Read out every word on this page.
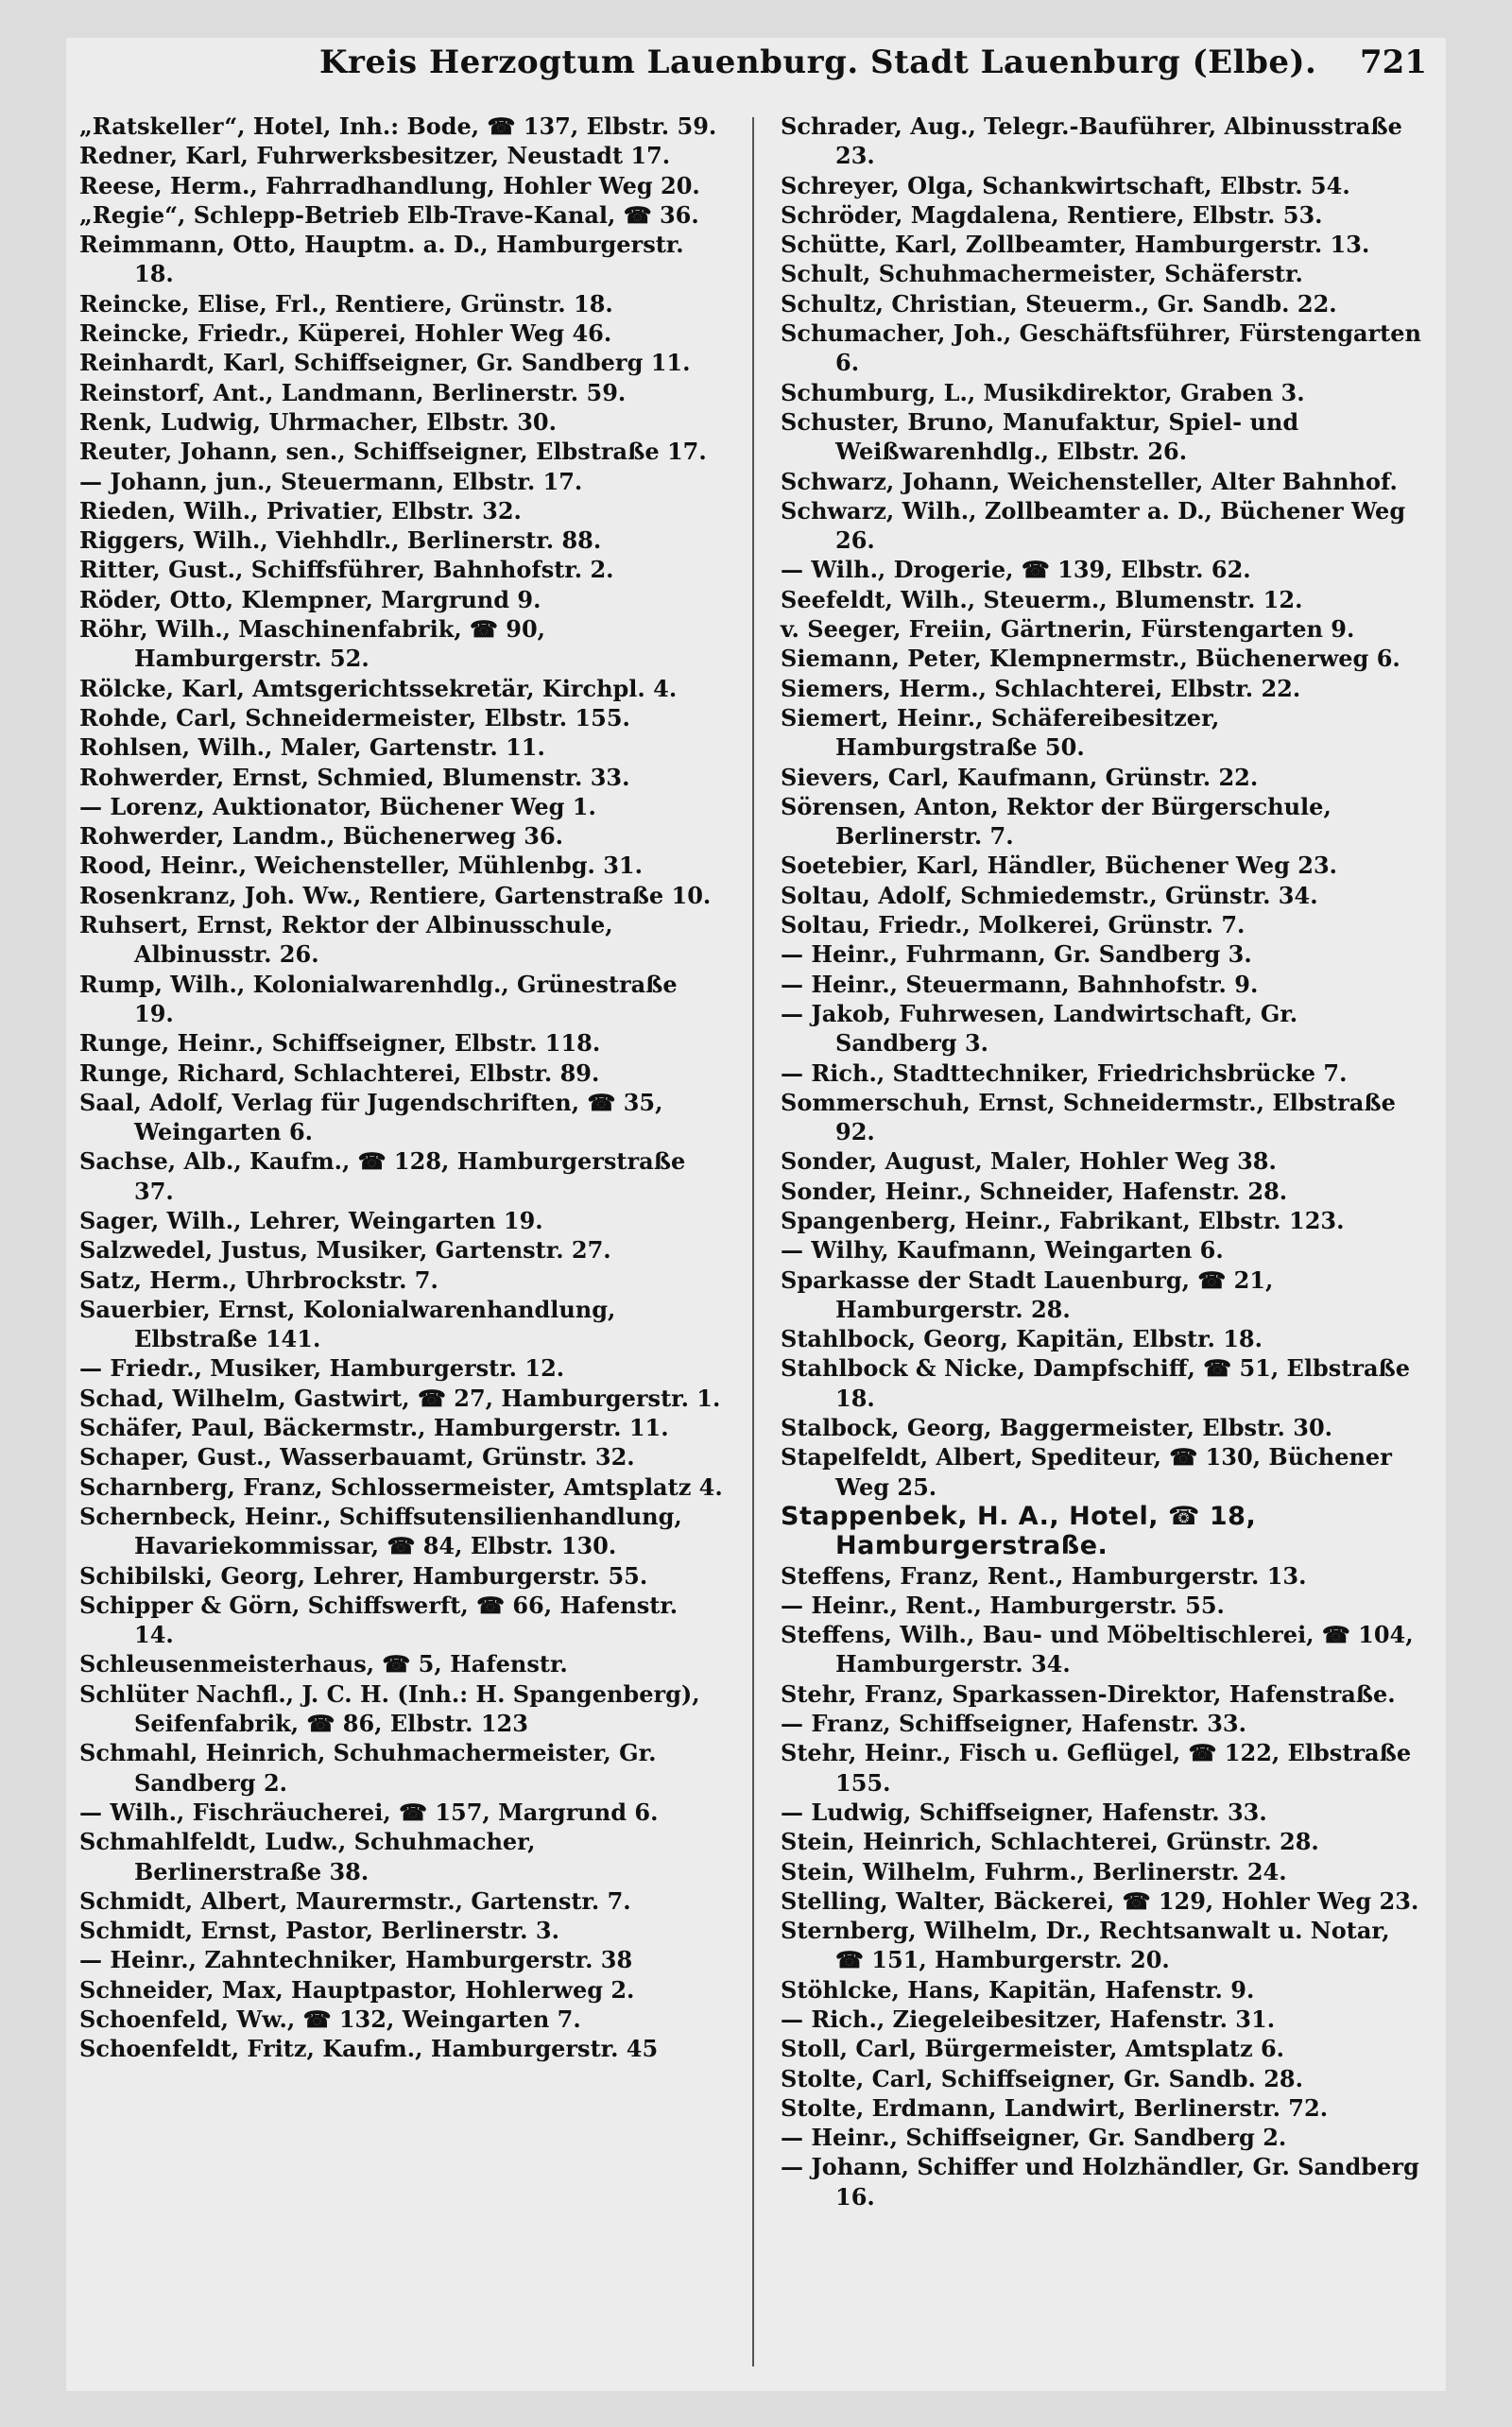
Kreis Herzogtum Lauenburg. Stadt Lauenburg (Elbe). 721
„Ratskeller“, Hotel, Inh.: Bode, ☎ 137, Elbstr. 59.
Redner, Karl, Fuhrwerksbesitzer, Neustadt 17.
Reese, Herm., Fahrradhandlung, Hohler Weg 20.
„Regie“, Schlepp-Betrieb Elb-Trave-Kanal, ☎ 36.
Reimmann, Otto, Hauptm. a. D., Hamburgerstr. 18.
Reincke, Elise, Frl., Rentiere, Grünstr. 18.
Reincke, Friedr., Küperei, Hohler Weg 46.
Reinhardt, Karl, Schiffseigner, Gr. Sandberg 11.
Reinstorf, Ant., Landmann, Berlinerstr. 59.
Renk, Ludwig, Uhrmacher, Elbstr. 30.
Reuter, Johann, sen., Schiffseigner, Elbstraße 17.
— Johann, jun., Steuermann, Elbstr. 17.
Rieden, Wilh., Privatier, Elbstr. 32.
Riggers, Wilh., Viehhdlr., Berlinerstr. 88.
Ritter, Gust., Schiffsführer, Bahnhofstr. 2.
Röder, Otto, Klempner, Margrund 9.
Röhr, Wilh., Maschinenfabrik, ☎ 90, Hamburgerstr. 52.
Rölcke, Karl, Amtsgerichtssekretär, Kirchpl. 4.
Rohde, Carl, Schneidermeister, Elbstr. 155.
Rohlsen, Wilh., Maler, Gartenstr. 11.
Rohwerder, Ernst, Schmied, Blumenstr. 33.
— Lorenz, Auktionator, Büchener Weg 1.
Rohwerder, Landm., Büchenerweg 36.
Rood, Heinr., Weichensteller, Mühlenbg. 31.
Rosenkranz, Joh. Ww., Rentiere, Gartenstraße 10.
Ruhsert, Ernst, Rektor der Albinusschule, Albinusstr. 26.
Rump, Wilh., Kolonialwarenhdlg., Grünestraße 19.
Runge, Heinr., Schiffseigner, Elbstr. 118.
Runge, Richard, Schlachterei, Elbstr. 89.
Saal, Adolf, Verlag für Jugendschriften, ☎ 35, Weingarten 6.
Sachse, Alb., Kaufm., ☎ 128, Hamburgerstraße 37.
Sager, Wilh., Lehrer, Weingarten 19.
Salzwedel, Justus, Musiker, Gartenstr. 27.
Satz, Herm., Uhrbrockstr. 7.
Sauerbier, Ernst, Kolonialwarenhandlung, Elbstraße 141.
— Friedr., Musiker, Hamburgerstr. 12.
Schad, Wilhelm, Gastwirt, ☎ 27, Hamburgerstr. 1.
Schäfer, Paul, Bäckermstr., Hamburgerstr. 11.
Schaper, Gust., Wasserbauamt, Grünstr. 32.
Scharnberg, Franz, Schlossermeister, Amtsplatz 4.
Schernbeck, Heinr., Schiffsutensilienhandlung, Havariekommissar, ☎ 84, Elbstr. 130.
Schibilski, Georg, Lehrer, Hamburgerstr. 55.
Schipper & Görn, Schiffswerft, ☎ 66, Hafenstr. 14.
Schleusenmeisterhaus, ☎ 5, Hafenstr.
Schlüter Nachfl., J. C. H. (Inh.: H. Spangenberg), Seifenfabrik, ☎ 86, Elbstr. 123
Schmahl, Heinrich, Schuhmachermeister, Gr. Sandberg 2.
— Wilh., Fischräucherei, ☎ 157, Margrund 6.
Schmahlfeldt, Ludw., Schuhmacher, Berlinerstraße 38.
Schmidt, Albert, Maurermstr., Gartenstr. 7.
Schmidt, Ernst, Pastor, Berlinerstr. 3.
— Heinr., Zahntechniker, Hamburgerstr. 38
Schneider, Max, Hauptpastor, Hohlerweg 2.
Schoenfeld, Ww., ☎ 132, Weingarten 7.
Schoenfeldt, Fritz, Kaufm., Hamburgerstr. 45
Schrader, Aug., Telegr.-Bauführer, Albinusstraße 23.
Schreyer, Olga, Schankwirtschaft, Elbstr. 54.
Schröder, Magdalena, Rentiere, Elbstr. 53.
Schütte, Karl, Zollbeamter, Hamburgerstr. 13.
Schult, Schuhmachermeister, Schäferstr.
Schultz, Christian, Steuerm., Gr. Sandb. 22.
Schumacher, Joh., Geschäftsführer, Fürstengarten 6.
Schumburg, L., Musikdirektor, Graben 3.
Schuster, Bruno, Manufaktur, Spiel- und Weißwarenhdlg., Elbstr. 26.
Schwarz, Johann, Weichensteller, Alter Bahnhof.
Schwarz, Wilh., Zollbeamter a. D., Büchener Weg 26.
— Wilh., Drogerie, ☎ 139, Elbstr. 62.
Seefeldt, Wilh., Steuerm., Blumenstr. 12.
v. Seeger, Freiin, Gärtnerin, Fürstengarten 9.
Siemann, Peter, Klempnermstr., Büchenerweg 6.
Siemers, Herm., Schlachterei, Elbstr. 22.
Siemert, Heinr., Schäfereibesitzer, Hamburgstraße 50.
Sievers, Carl, Kaufmann, Grünstr. 22.
Sörensen, Anton, Rektor der Bürgerschule, Berlinerstr. 7.
Soetebier, Karl, Händler, Büchener Weg 23.
Soltau, Adolf, Schmiedemstr., Grünstr. 34.
Soltau, Friedr., Molkerei, Grünstr. 7.
— Heinr., Fuhrmann, Gr. Sandberg 3.
— Heinr., Steuermann, Bahnhofstr. 9.
— Jakob, Fuhrwesen, Landwirtschaft, Gr. Sandberg 3.
— Rich., Stadttechniker, Friedrichsbrücke 7.
Sommerschuh, Ernst, Schneidermstr., Elbstraße 92.
Sonder, August, Maler, Hohler Weg 38.
Sonder, Heinr., Schneider, Hafenstr. 28.
Spangenberg, Heinr., Fabrikant, Elbstr. 123.
— Wilhy, Kaufmann, Weingarten 6.
Sparkasse der Stadt Lauenburg, ☎ 21, Hamburgerstr. 28.
Stahlbock, Georg, Kapitän, Elbstr. 18.
Stahlbock & Nicke, Dampfschiff, ☎ 51, Elbstraße 18.
Stalbock, Georg, Baggermeister, Elbstr. 30.
Stapelfeldt, Albert, Spediteur, ☎ 130, Büchener Weg 25.
Stappenbek, H. A., Hotel, ☎ 18, Hamburgerstraße.
Steffens, Franz, Rent., Hamburgerstr. 13.
— Heinr., Rent., Hamburgerstr. 55.
Steffens, Wilh., Bau- und Möbeltischlerei, ☎ 104, Hamburgerstr. 34.
Stehr, Franz, Sparkassen-Direktor, Hafenstraße.
— Franz, Schiffseigner, Hafenstr. 33.
Stehr, Heinr., Fisch u. Geflügel, ☎ 122, Elbstraße 155.
— Ludwig, Schiffseigner, Hafenstr. 33.
Stein, Heinrich, Schlachterei, Grünstr. 28.
Stein, Wilhelm, Fuhrm., Berlinerstr. 24.
Stelling, Walter, Bäckerei, ☎ 129, Hohler Weg 23.
Sternberg, Wilhelm, Dr., Rechtsanwalt u. Notar, ☎ 151, Hamburgerstr. 20.
Stöhlcke, Hans, Kapitän, Hafenstr. 9.
— Rich., Ziegeleibesitzer, Hafenstr. 31.
Stoll, Carl, Bürgermeister, Amtsplatz 6.
Stolte, Carl, Schiffseigner, Gr. Sandb. 28.
Stolte, Erdmann, Landwirt, Berlinerstr. 72.
— Heinr., Schiffseigner, Gr. Sandberg 2.
— Johann, Schiffer und Holzhändler, Gr. Sandberg 16.
